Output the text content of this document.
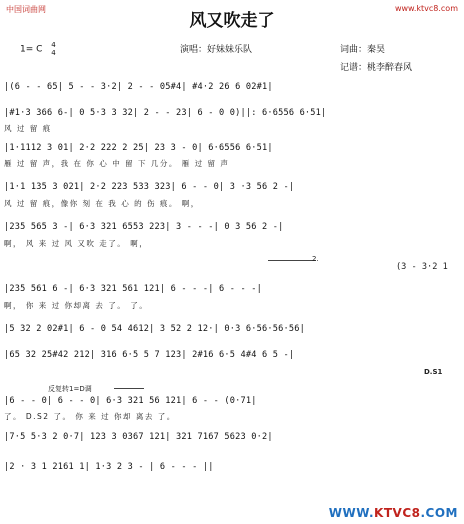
中国词曲网	www.ktvc8.com
风又吹走了
1= C 4
4	演唱：好妹妹乐队	词曲：秦昊
记谱：桃李醉春风
|(6 - - 65| 5 - - 3·2| 2 - - 05#4| #4·2 26 6 02#1|
|#1·3 366 6-| 0 5·3 3 32| 2 - - 23| 6 - 0 0)||: 6·6556 6·51|
风 过 留 痕
|1·1112 3 01| 2·2 222 2 25| 23 3 - 0| 6·6556 6·51|
雁 过 留 声，我 在 你 心 中 留 下 几分。 雁 过 留 声
|1·1 135 3 021| 2·2 223 533 323| 6 - - 0| 3 ·3 56 2 -|
风 过 留 痕，像你 刻 在 我 心 的 伤 痕。 啊，
|235 565 3 -| 6·3 321 6553 223| 3 - - -| 0 3 56 2 -|
啊， 风 来 过 风 又吹 走了。 啊，
2.
(3 - 3·2 1
|235 561 6 -| 6·3 321 561 121| 6 - - -| 6 - - -|
啊， 你 来 过 你却离 去 了。 了。
|5 32 2 02#1| 6 - 0 54 4612| 3 52 2 12·| 0·3 6·56·56·56|
|65 32 25#42 212| 316 6·5 5 7 123| 2#16 6·5 4#4 6 5 -|
D.S1
反复转1=D调
|6 - - 0| 6 - - 0| 6·3 321 56 121| 6 - - (0·71|
了。 D.S2 了。 你 来 过 你却 离去 了。
|7·5 5·3 2 0·7| 123 3 0367 121| 321 7167 5623 0·2|
|2 · 3 1 2161 1| 1·3 2 3 - | 6 - - - ||
WWW.KTVC8.COM
